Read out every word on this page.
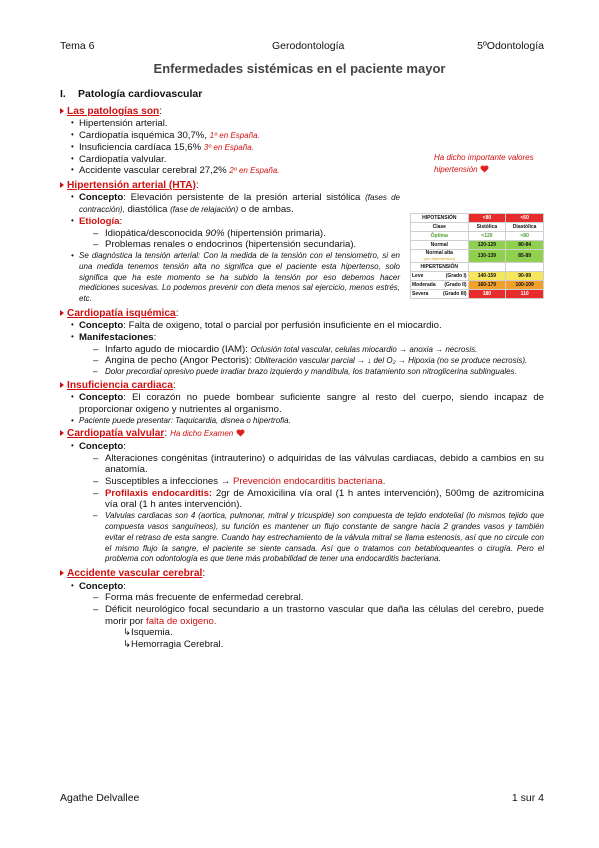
Tema 6	Gerodontología	5ºOdontología
Enfermedades sistémicas en el paciente mayor
I. Patología cardiovascular
Ha dicho importante valores hipertensión
HIPOTENSIÓN	<80	<60
Clase	Sistólica	Diastólica
Óptima	<120	<80
Normal	120-129	80-84
Normal alta
(pre-hipertensión)	130-139	85-89
HIPERTENSIÓN		
Leve (Grado I)	140-159	90-99
Moderada (Grado II)	160-179	100-109
Severa (Grado III)	180	110
Las patologías son:
• Hipertensión arterial.
• Cardiopatía isquémica 30,7%, 1º en España.
• Insuficiencia cardíaca 15,6% 3º en España.
• Cardiopatía valvular.
• Accidente vascular cerebral 27,2% 2º en España.
Hipertensión arterial (HTA):
• Concepto: Elevación persistente de la presión arterial sistólica (fases de contracción), diastólica (fase de relajación) o de ambas.
• Etiología:
– Idiopática/desconocida 90% (hipertensión primaria).
– Problemas renales o endocrinos (hipertensión secundaria).
• Se diagnóstica la tensión arterial: Con la medida de la tensión con el tensiometro, si en una medida tenemos tensión alta no significa que el paciente esta hipertenso, solo significa que ha este momento se ha subido la tensión por eso debemos hacer mediciones sucesivas. Lo podemos prevenir con dieta menos sal ejercicio, menos estrés, etc.
Cardiopatía isquémica:
• Concepto: Falta de oxigeno, total o parcial por perfusión insuficiente en el miocardio.
• Manifestaciones:
– Infarto agudo de miocardio (IAM): Oclusión total vascular, celulas miocardio → anoxia → necrosis.
– Angina de pecho (Angor Pectoris): Obliteración vascular parcial → ↓ del O₂ → Hipoxia (no se produce necrosis).
– Dolor precordial opresivo puede irradiar brazo izquierdo y mandíbula, los tratamiento son nitroglicerina sublinguales.
Insuficiencia cardiaca:
• Concepto: El corazón no puede bombear suficiente sangre al resto del cuerpo, siendo incapaz de proporcionar oxigeno y nutrientes al organismo.
• Paciente puede presentar: Taquicardia, disnea o hipertrofia.
Cardiopatía valvular: Ha dicho Examen
• Concepto:
– Alteraciones congénitas (intrauterino) o adquiridas de las válvulas cardiacas, debido a cambios en su anatomía.
– Susceptibles a infecciones → Prevención endocarditis bacteriana.
– Profilaxis endocarditis: 2gr de Amoxicilina vía oral (1 h antes intervención), 500mg de azitromicina vía oral (1 h antes intervención).
– Valvulas cardiacas son 4 (aortica, pulmonar, mitral y tricuspide) son compuesta de tejido endotelial (lo mismos tejido que compuesta vasos sanguíneos), su función es mantener un flujo constante de sangre hacia 2 grandes vasos y también evitar el retraso de esta sangre. Cuando hay estrechamiento de la válvula mitral se llama estenosis, así que no circule con el mismo flujo la sangre, el paciente se siente cansada. Así que o tratamos con betabloqueantes o cirugía. Pero el problema con odontología es que tiene más probabilidad de tener una endocarditis bacteriana.
Accidente vascular cerebral:
• Concepto:
– Forma más frecuente de enfermedad cerebral.
– Déficit neurológico focal secundario a un trastorno vascular que daña las células del cerebro, puede morir por falta de oxigeno.
↳Isquemia.
↳Hemorragia Cerebral.
Agathe Delvallee	1 sur 4
